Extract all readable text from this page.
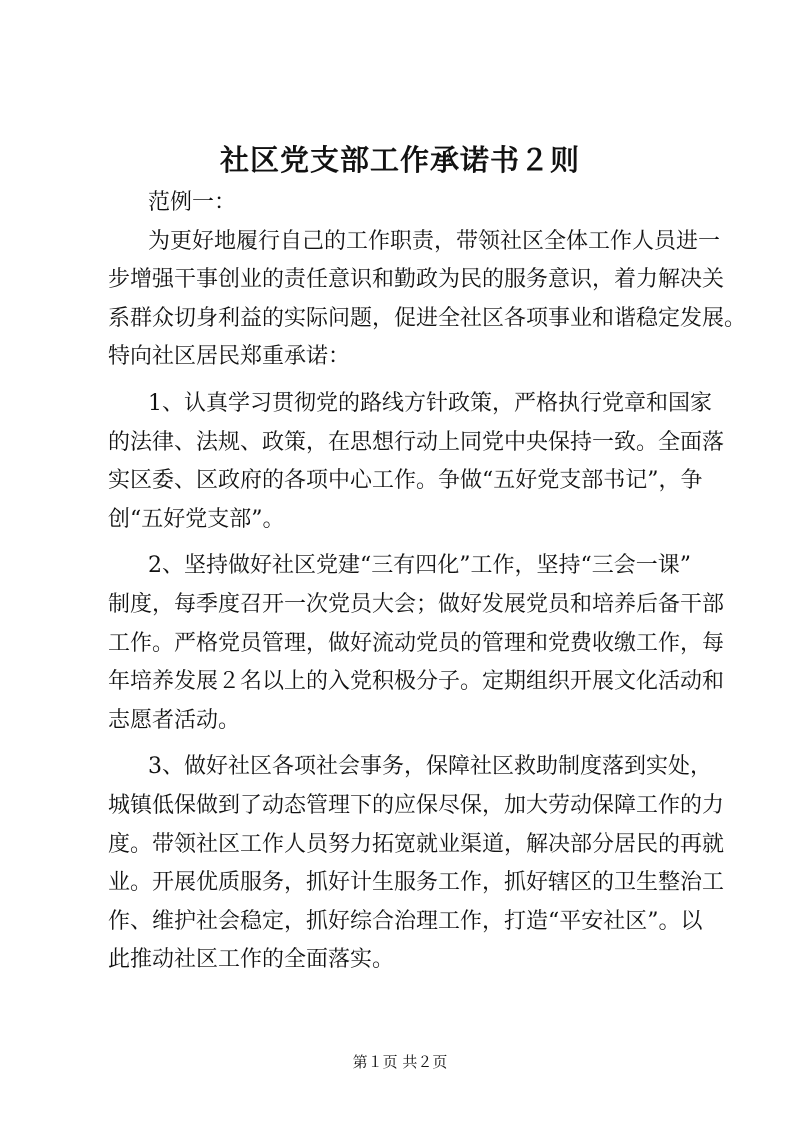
社区党支部工作承诺书２则

范例一：

为更好地履行自己的工作职责，带领社区全体工作人员进一

步增强干事创业的责任意识和勤政为民的服务意识，着力解决关

系群众切身利益的实际问题，促进全社区各项事业和谐稳定发展。

特向社区居民郑重承诺：

1、认真学习贯彻党的路线方针政策，严格执行党章和国家

的法律、法规、政策，在思想行动上同党中央保持一致。全面落

实区委、区政府的各项中心工作。争做“五好党支部书记”，争

创“五好党支部”。

2、坚持做好社区党建“三有四化”工作，坚持“三会一课”

制度，每季度召开一次党员大会；做好发展党员和培养后备干部

工作。严格党员管理，做好流动党员的管理和党费收缴工作，每

年培养发展２名以上的入党积极分子。定期组织开展文化活动和

志愿者活动。

3、做好社区各项社会事务，保障社区救助制度落到实处，

城镇低保做到了动态管理下的应保尽保，加大劳动保障工作的力

度。带领社区工作人员努力拓宽就业渠道，解决部分居民的再就

业。开展优质服务，抓好计生服务工作，抓好辖区的卫生整治工

作、维护社会稳定，抓好综合治理工作，打造“平安社区”。以

此推动社区工作的全面落实。

第１页 共２页
